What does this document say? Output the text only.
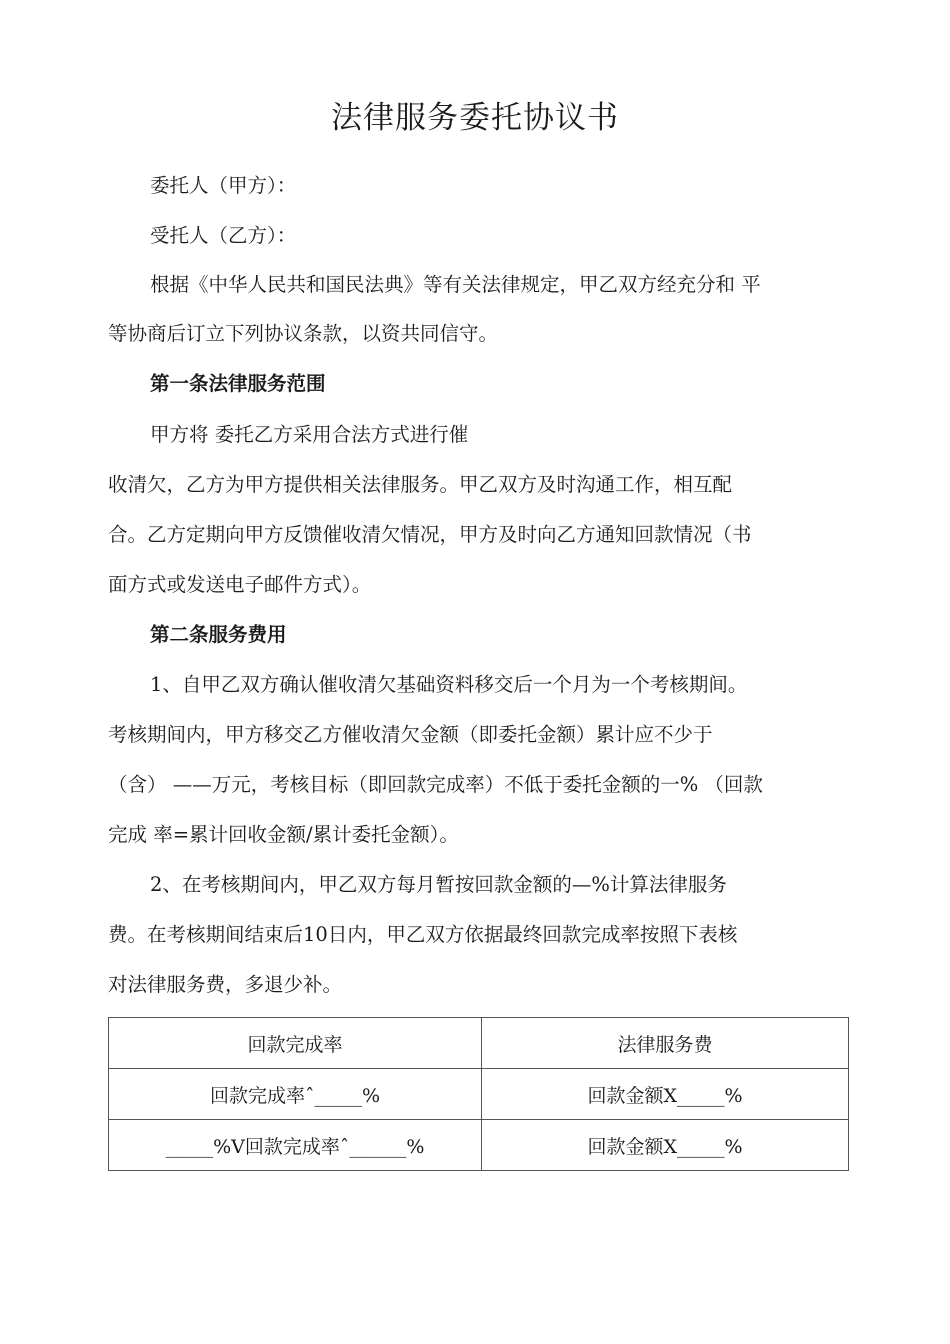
法律服务委托协议书

委托人（甲方）：

受托人（乙方）：

根据《中华人民共和国民法典》等有关法律规定，甲乙双方经充分和 平

等协商后订立下列协议条款，以资共同信守。

第一条法律服务范围

甲方将 委托乙方采用合法方式进行催

收清欠，乙方为甲方提供相关法律服务。甲乙双方及时沟通工作，相互配

合。乙方定期向甲方反馈催收清欠情况，甲方及时向乙方通知回款情况（书

面方式或发送电子邮件方式）。

第二条服务费用

1、自甲乙双方确认催收清欠基础资料移交后一个月为一个考核期间。

考核期间内，甲方移交乙方催收清欠金额（即委托金额）累计应不少于

（含） ——万元，考核目标（即回款完成率）不低于委托金额的一% （回款

完成 率=累计回收金额/累计委托金额）。

2、在考核期间内，甲乙双方每月暂按回款金额的—%计算法律服务

费。在考核期间结束后10日内，甲乙双方依据最终回款完成率按照下表核

对法律服务费，多退少补。

回款完成率	法律服务费
回款完成率ˆ_____%	回款金额X_____%
_____%V回款完成率ˆ______%	回款金额X_____%
